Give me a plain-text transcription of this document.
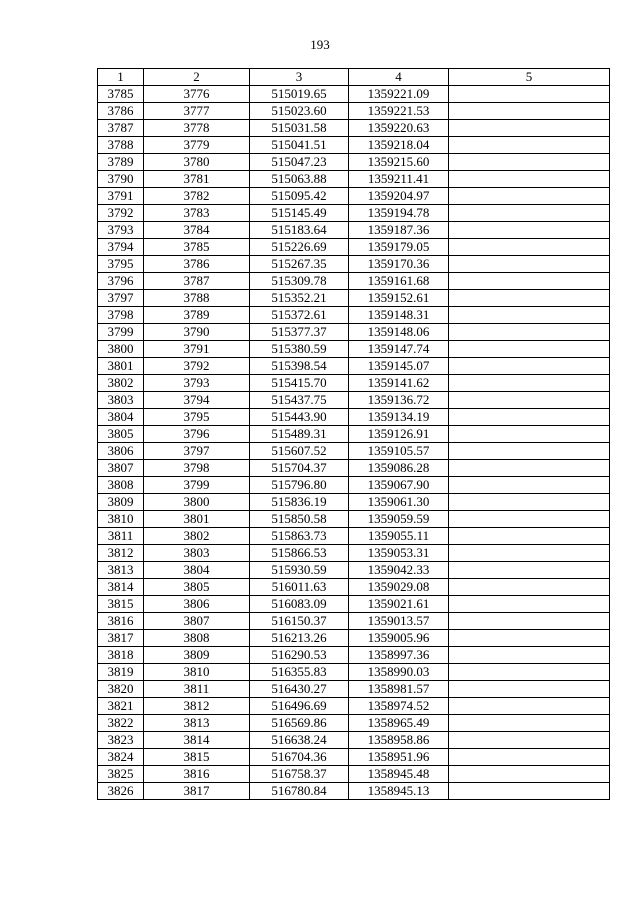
193
1	2	3	4	5
3785	3776	515019.65	1359221.09	
3786	3777	515023.60	1359221.53	
3787	3778	515031.58	1359220.63	
3788	3779	515041.51	1359218.04	
3789	3780	515047.23	1359215.60	
3790	3781	515063.88	1359211.41	
3791	3782	515095.42	1359204.97	
3792	3783	515145.49	1359194.78	
3793	3784	515183.64	1359187.36	
3794	3785	515226.69	1359179.05	
3795	3786	515267.35	1359170.36	
3796	3787	515309.78	1359161.68	
3797	3788	515352.21	1359152.61	
3798	3789	515372.61	1359148.31	
3799	3790	515377.37	1359148.06	
3800	3791	515380.59	1359147.74	
3801	3792	515398.54	1359145.07	
3802	3793	515415.70	1359141.62	
3803	3794	515437.75	1359136.72	
3804	3795	515443.90	1359134.19	
3805	3796	515489.31	1359126.91	
3806	3797	515607.52	1359105.57	
3807	3798	515704.37	1359086.28	
3808	3799	515796.80	1359067.90	
3809	3800	515836.19	1359061.30	
3810	3801	515850.58	1359059.59	
3811	3802	515863.73	1359055.11	
3812	3803	515866.53	1359053.31	
3813	3804	515930.59	1359042.33	
3814	3805	516011.63	1359029.08	
3815	3806	516083.09	1359021.61	
3816	3807	516150.37	1359013.57	
3817	3808	516213.26	1359005.96	
3818	3809	516290.53	1358997.36	
3819	3810	516355.83	1358990.03	
3820	3811	516430.27	1358981.57	
3821	3812	516496.69	1358974.52	
3822	3813	516569.86	1358965.49	
3823	3814	516638.24	1358958.86	
3824	3815	516704.36	1358951.96	
3825	3816	516758.37	1358945.48	
3826	3817	516780.84	1358945.13	
